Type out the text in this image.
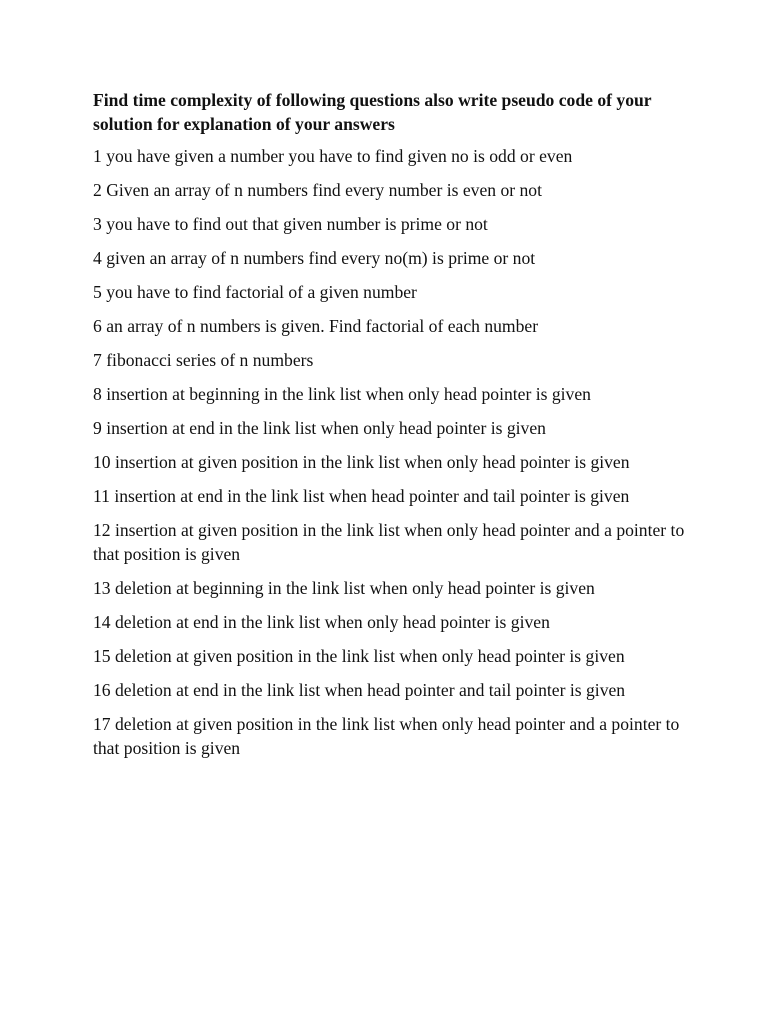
Find time complexity of following questions also write pseudo code of your solution for explanation of your answers

1 you have given a number you have to find given no is odd or even

2 Given an array of n numbers find every number is even or not

3 you have to find out that given number is prime or not

4 given an array of n numbers find every no(m) is prime or not

5 you have to find factorial of a given number

6 an array of n numbers is given. Find factorial of each number

7 fibonacci series of n numbers

8 insertion at beginning in the link list when only head pointer is given

9 insertion at end in the link list when only head pointer is given

10 insertion at given position in the link list when only head pointer is given

11 insertion at end in the link list when head pointer and tail pointer is given

12 insertion at given position in the link list when only head pointer and a pointer to that position is given

13 deletion at beginning in the link list when only head pointer is given

14 deletion at end in the link list when only head pointer is given

15 deletion at given position in the link list when only head pointer is given

16 deletion at end in the link list when head pointer and tail pointer is given

17 deletion at given position in the link list when only head pointer and a pointer to that position is given
